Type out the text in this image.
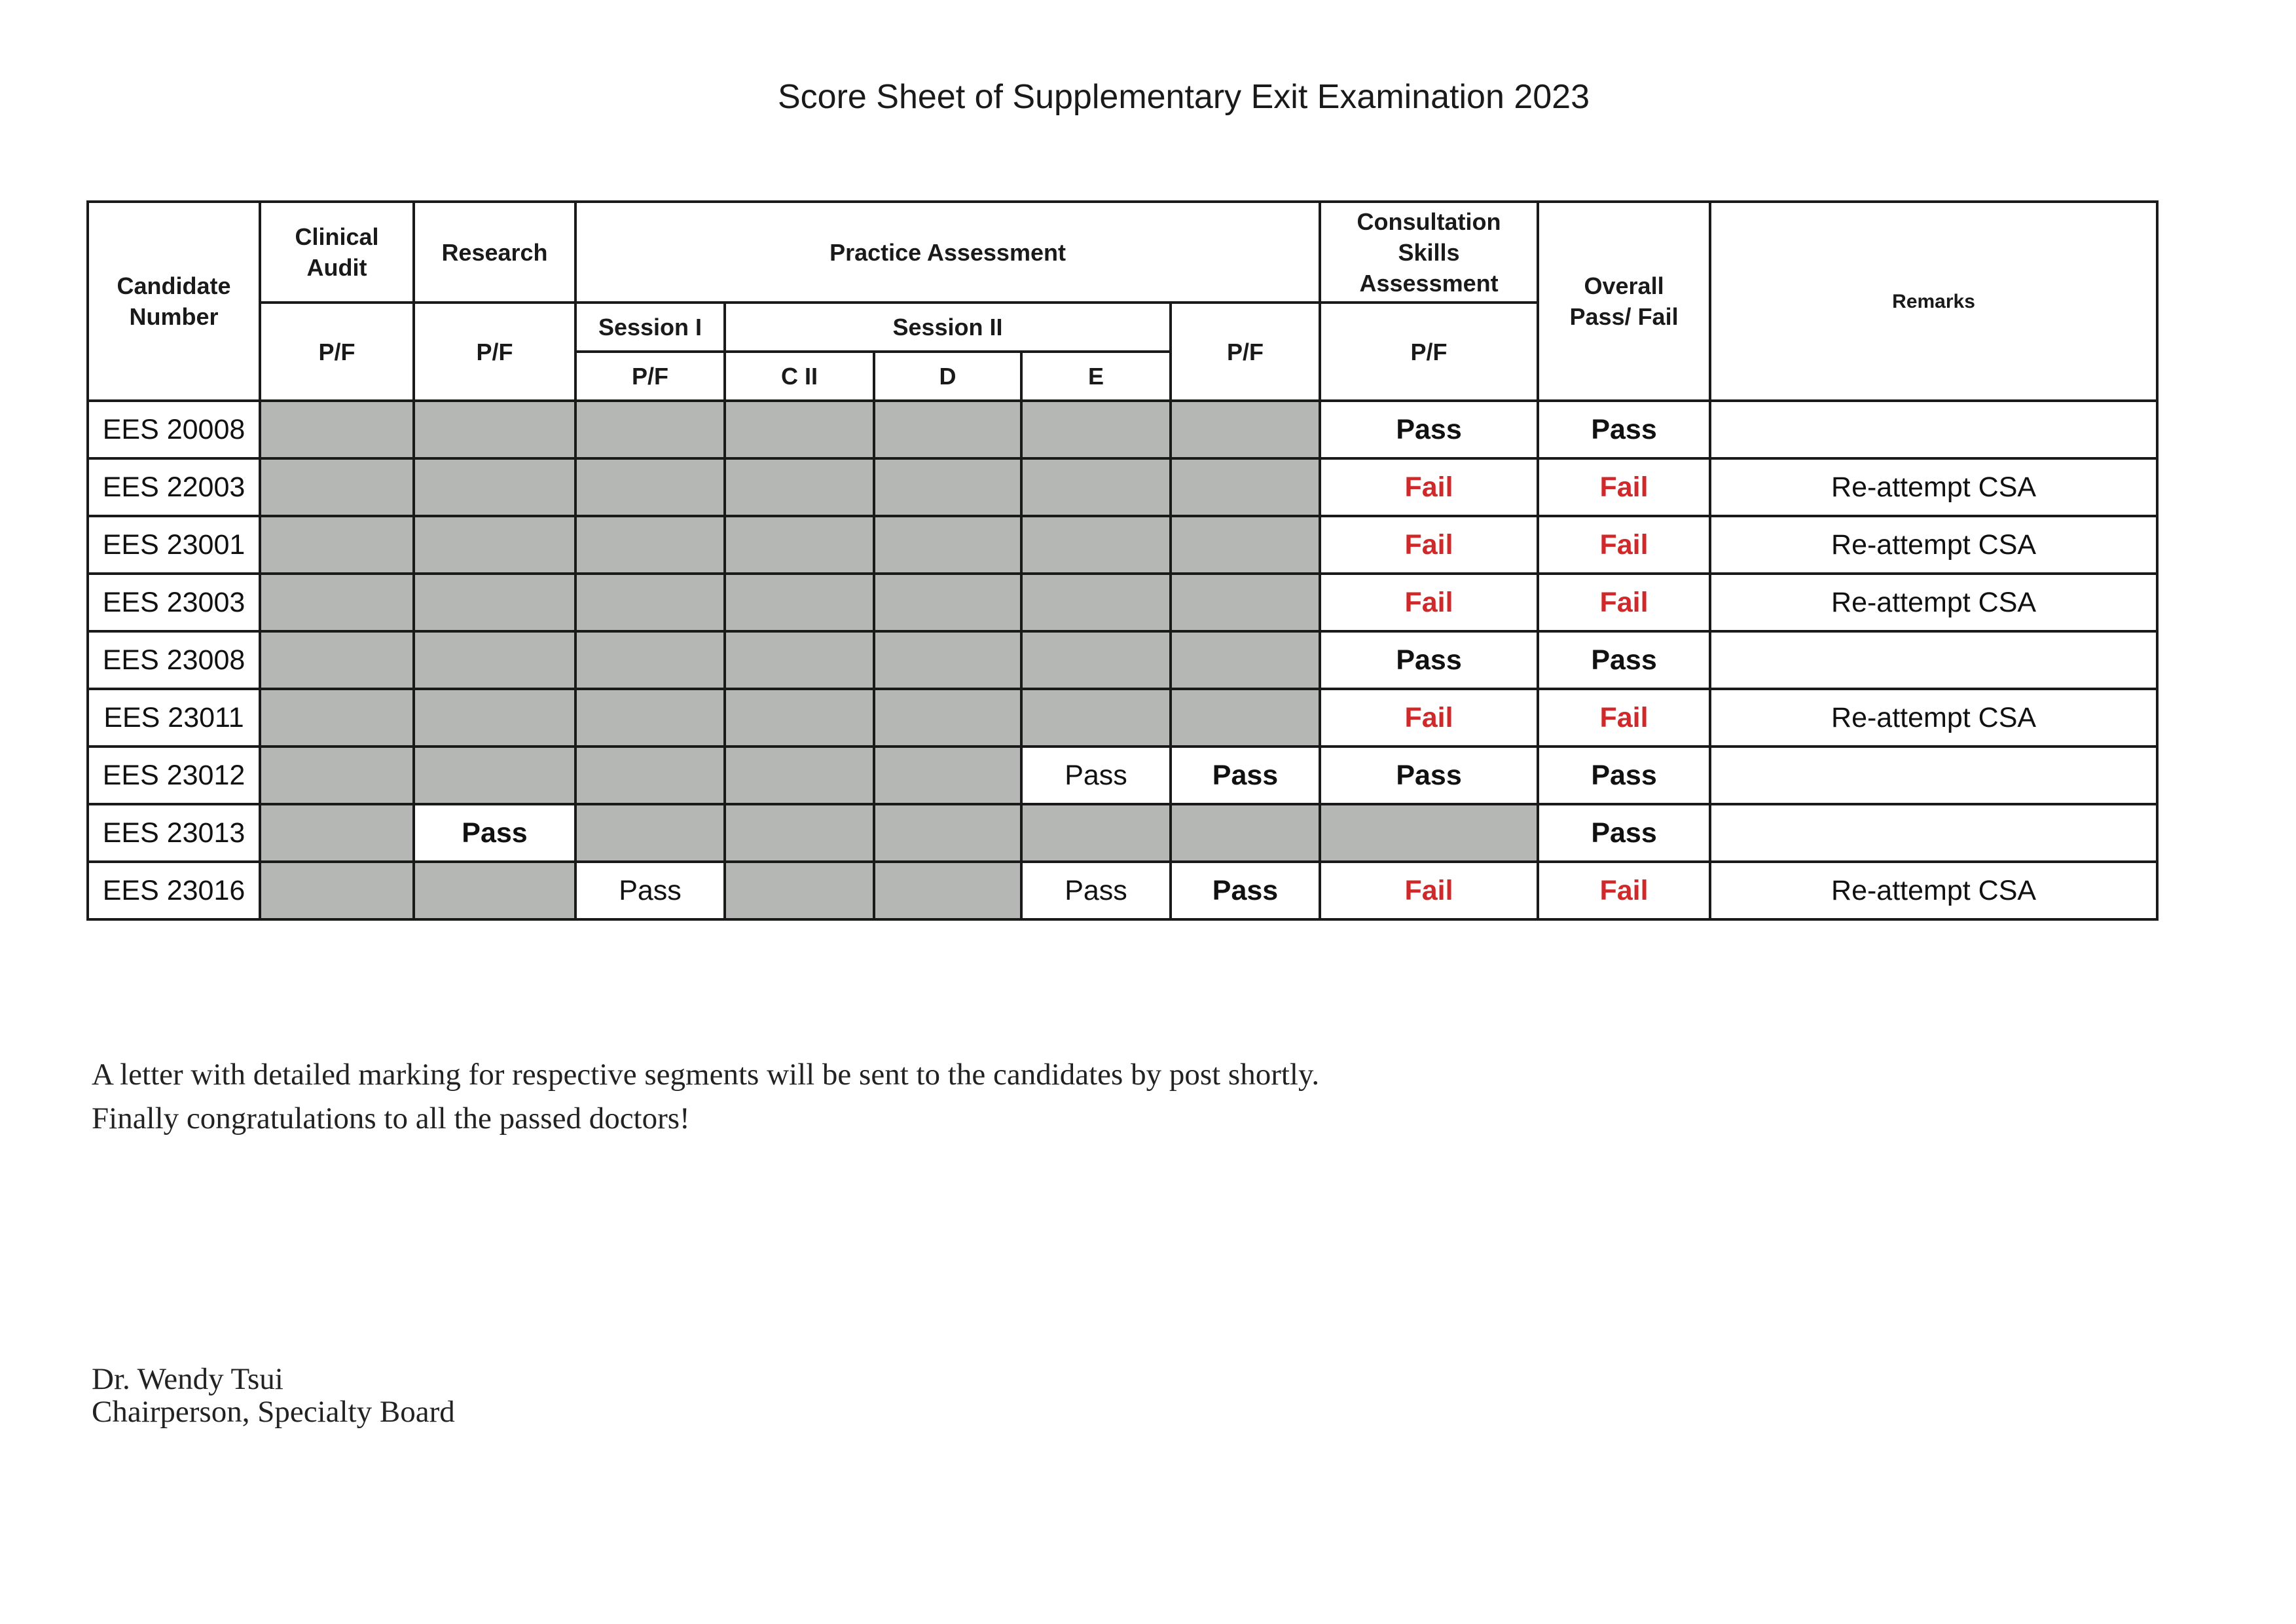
Score Sheet of Supplementary Exit Examination 2023
Candidate
Number	Clinical
Audit	Research	Practice Assessment					Consultation
Skills
Assessment	Overall
Pass/ Fail	Remarks
	P/F	P/F	Session I	Session II			P/F	P/F		
			P/F	C II	D	E				
EES 20008								Pass	Pass	
EES 22003								Fail	Fail	Re-attempt CSA
EES 23001								Fail	Fail	Re-attempt CSA
EES 23003								Fail	Fail	Re-attempt CSA
EES 23008								Pass	Pass	
EES 23011								Fail	Fail	Re-attempt CSA
EES 23012						Pass	Pass	Pass	Pass	
EES 23013		Pass							Pass	
EES 23016			Pass			Pass	Pass	Fail	Fail	Re-attempt CSA
A letter with detailed marking for respective segments will be sent to the candidates by post shortly.
Finally congratulations to all the passed doctors!
Dr. Wendy Tsui
Chairperson, Specialty Board
